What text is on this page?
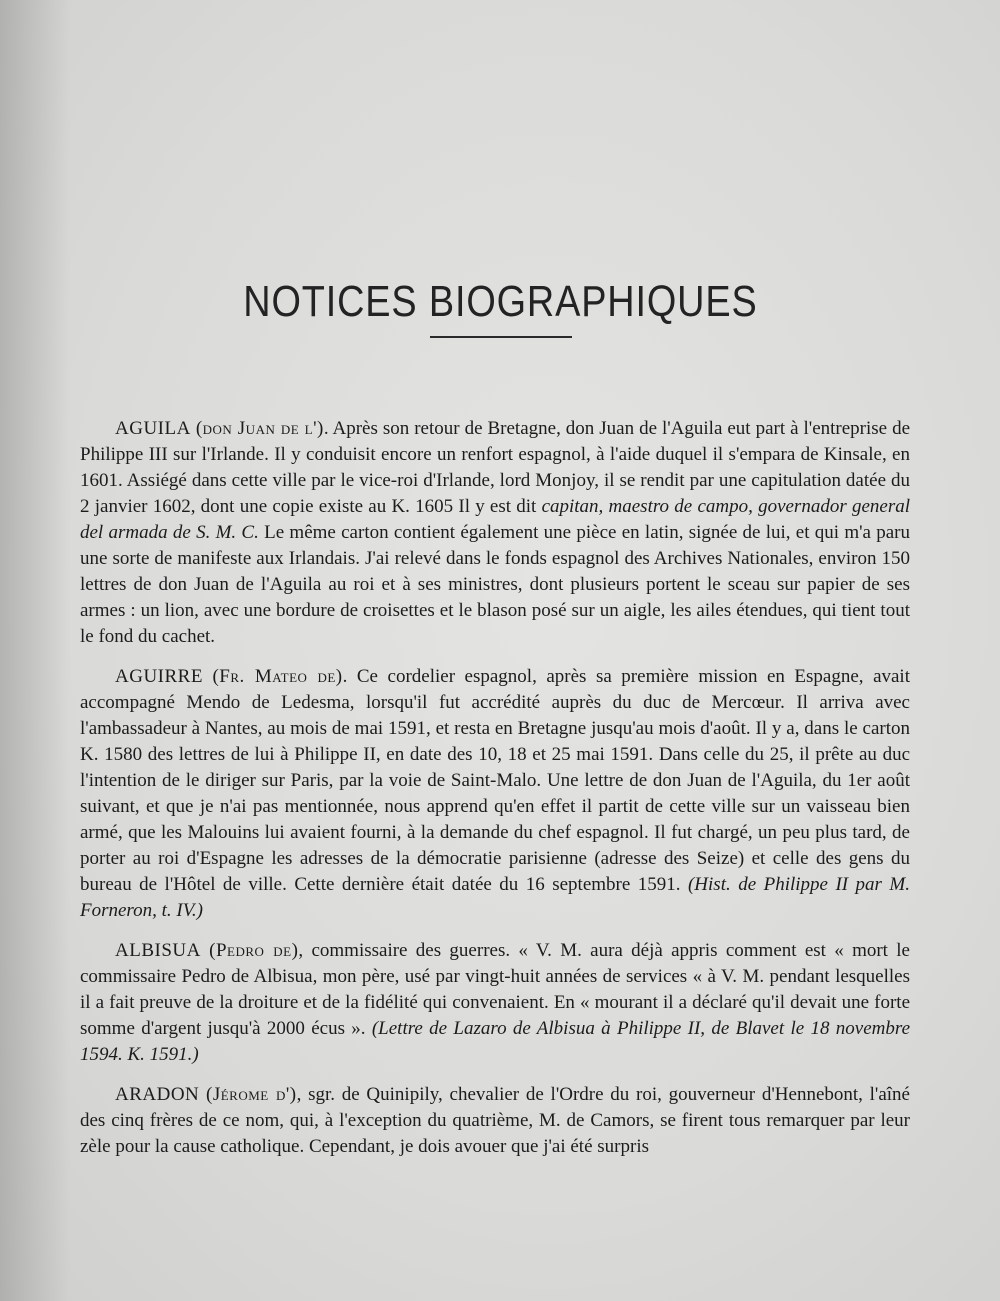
NOTICES BIOGRAPHIQUES

AGUILA (don Juan de l'). Après son retour de Bretagne, don Juan de l'Aguila eut part à l'entreprise de Philippe III sur l'Irlande. Il y conduisit encore un renfort espagnol, à l'aide duquel il s'empara de Kinsale, en 1601. Assiégé dans cette ville par le vice-roi d'Irlande, lord Monjoy, il se rendit par une capitulation datée du 2 janvier 1602, dont une copie existe au K. 1605 Il y est dit capitan, maestro de campo, governador general del armada de S. M. C. Le même carton contient également une pièce en latin, signée de lui, et qui m'a paru une sorte de manifeste aux Irlandais. J'ai relevé dans le fonds espagnol des Archives Nationales, environ 150 lettres de don Juan de l'Aguila au roi et à ses ministres, dont plusieurs portent le sceau sur papier de ses armes : un lion, avec une bordure de croisettes et le blason posé sur un aigle, les ailes étendues, qui tient tout le fond du cachet.

AGUIRRE (Fr. Mateo de). Ce cordelier espagnol, après sa première mission en Espagne, avait accompagné Mendo de Ledesma, lorsqu'il fut accrédité auprès du duc de Mercœur. Il arriva avec l'ambassadeur à Nantes, au mois de mai 1591, et resta en Bretagne jusqu'au mois d'août. Il y a, dans le carton K. 1580 des lettres de lui à Philippe II, en date des 10, 18 et 25 mai 1591. Dans celle du 25, il prête au duc l'intention de le diriger sur Paris, par la voie de Saint-Malo. Une lettre de don Juan de l'Aguila, du 1er août suivant, et que je n'ai pas mentionnée, nous apprend qu'en effet il partit de cette ville sur un vaisseau bien armé, que les Malouins lui avaient fourni, à la demande du chef espagnol. Il fut chargé, un peu plus tard, de porter au roi d'Espagne les adresses de la démocratie parisienne (adresse des Seize) et celle des gens du bureau de l'Hôtel de ville. Cette dernière était datée du 16 septembre 1591. (Hist. de Philippe II par M. Forneron, t. IV.)

ALBISUA (Pedro de), commissaire des guerres. « V. M. aura déjà appris comment est « mort le commissaire Pedro de Albisua, mon père, usé par vingt-huit années de services « à V. M. pendant lesquelles il a fait preuve de la droiture et de la fidélité qui convenaient. En « mourant il a déclaré qu'il devait une forte somme d'argent jusqu'à 2000 écus ». (Lettre de Lazaro de Albisua à Philippe II, de Blavet le 18 novembre 1594. K. 1591.)

ARADON (Jérome d'), sgr. de Quinipily, chevalier de l'Ordre du roi, gouverneur d'Hennebont, l'aîné des cinq frères de ce nom, qui, à l'exception du quatrième, M. de Camors, se firent tous remarquer par leur zèle pour la cause catholique. Cependant, je dois avouer que j'ai été surpris
